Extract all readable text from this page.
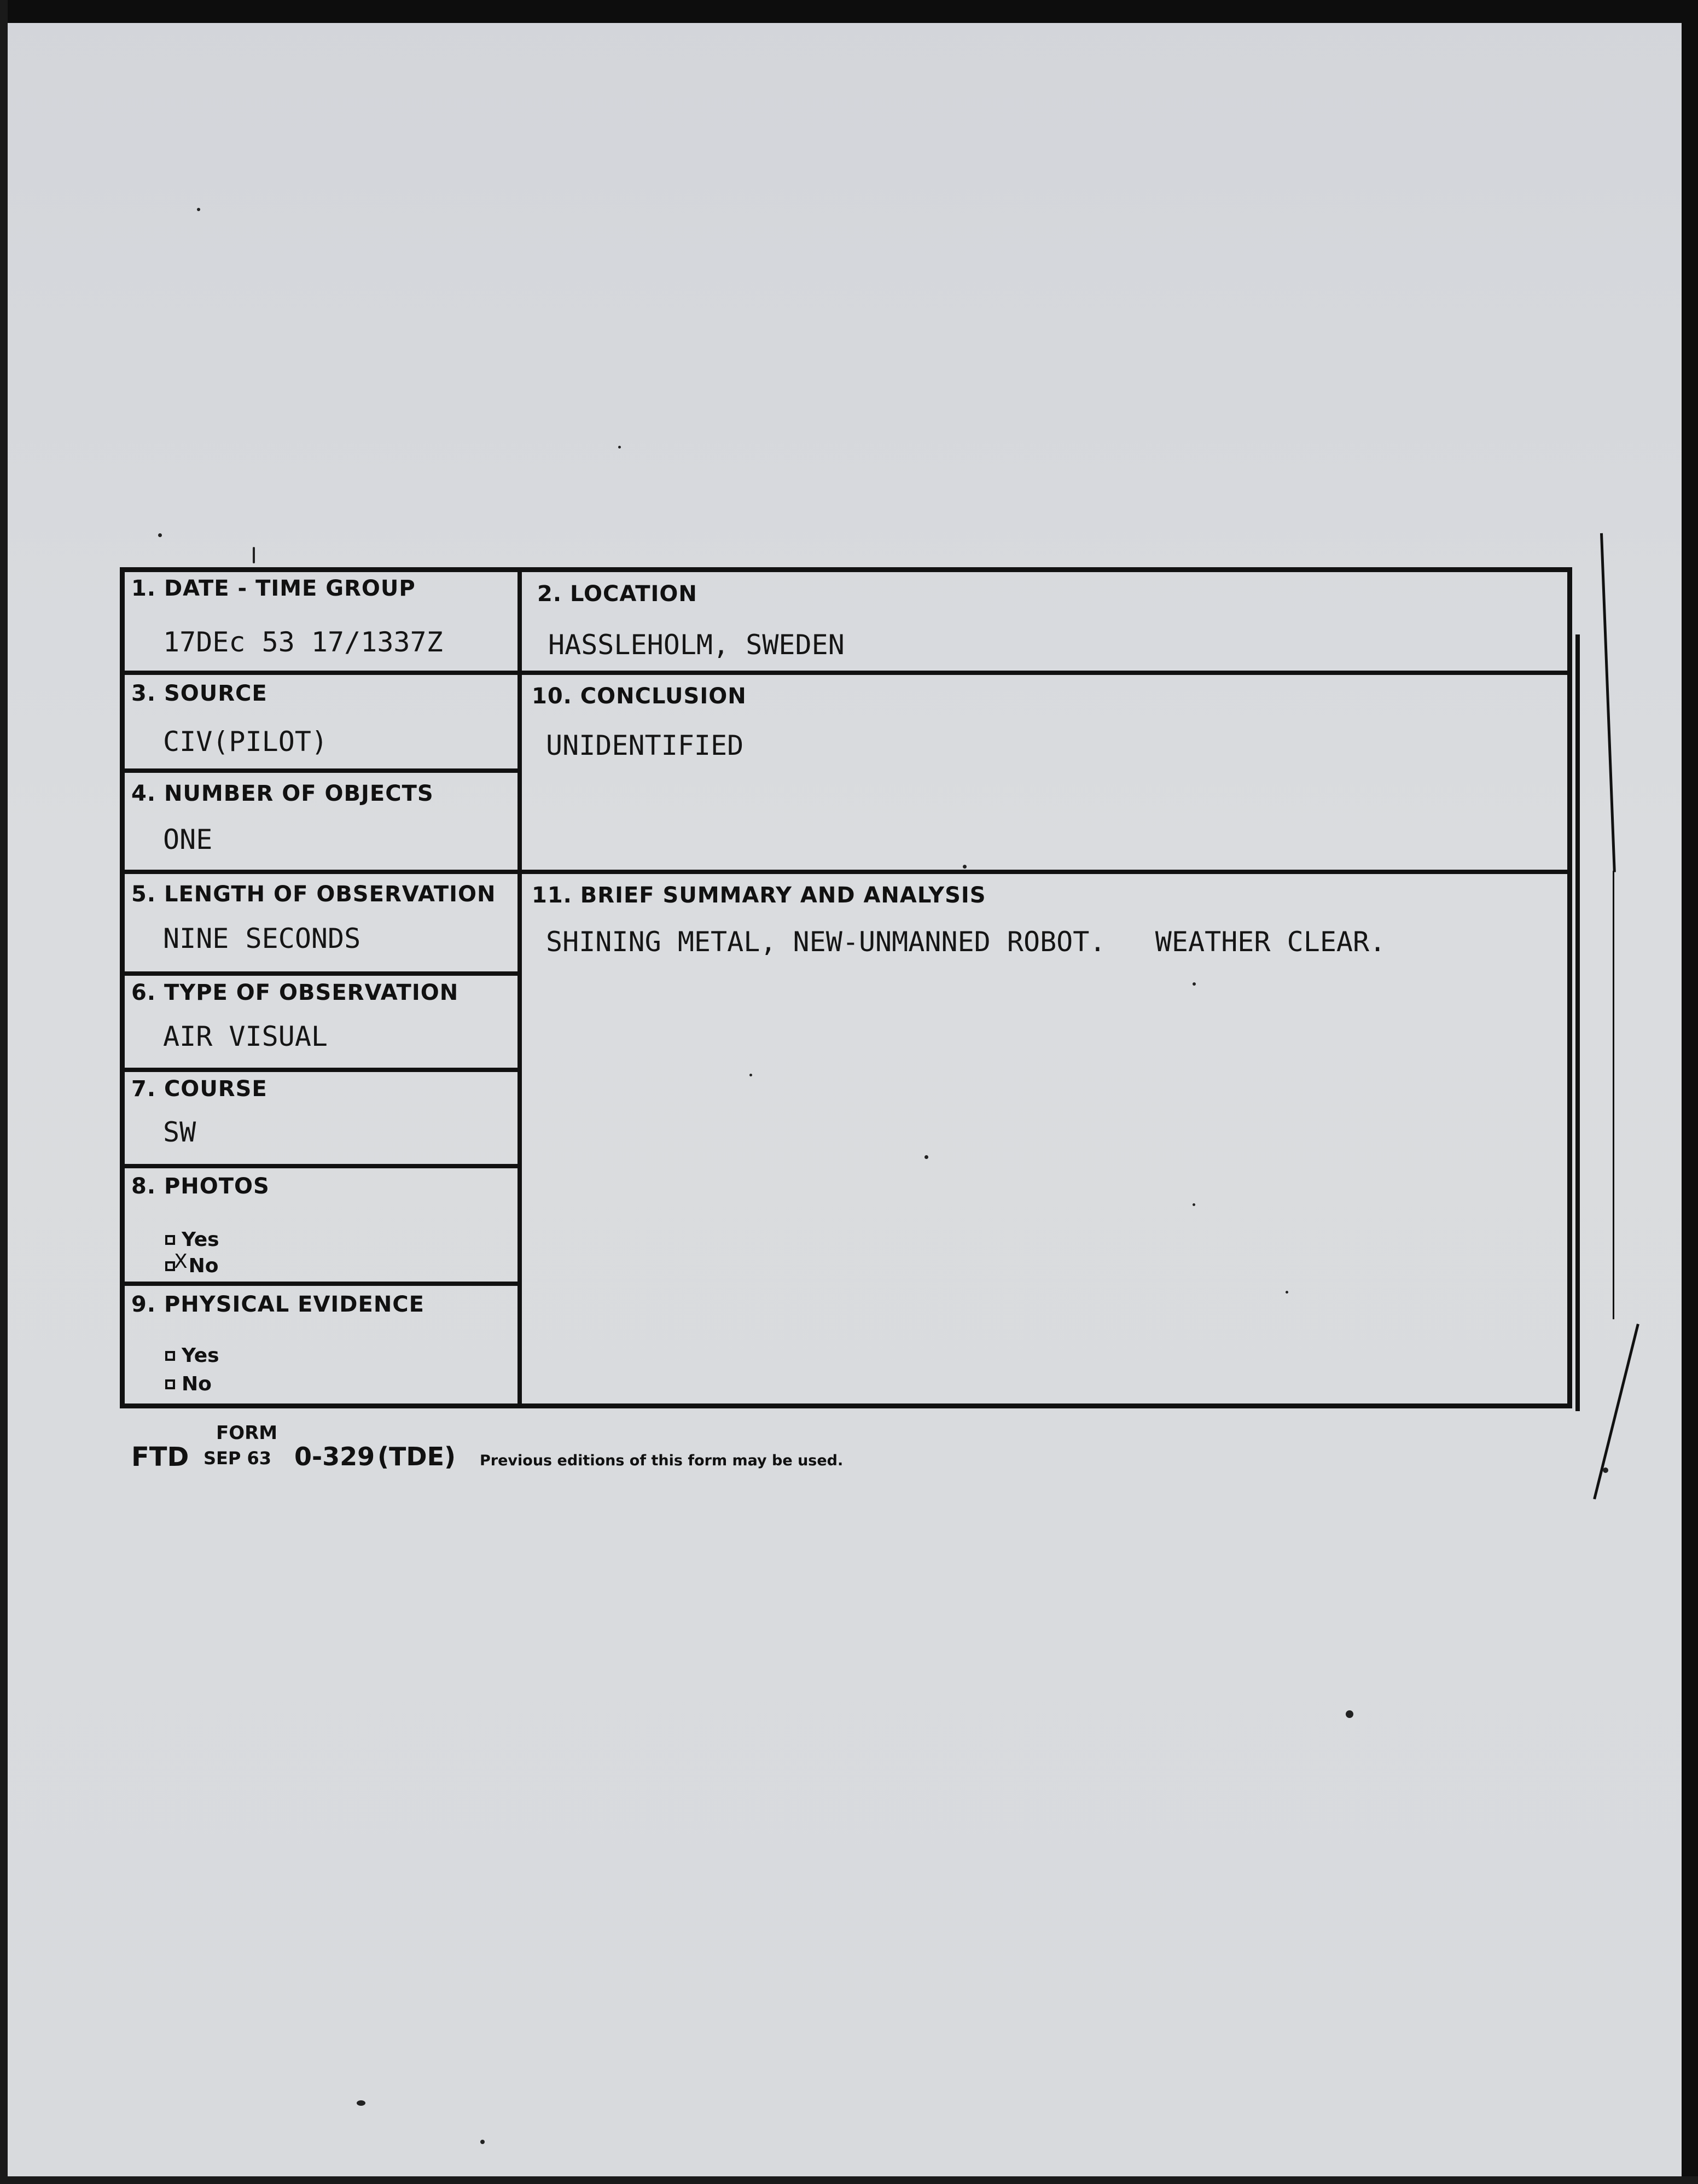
1. DATE - TIME GROUP
17DEc 53 17/1337Z
2. LOCATION
HASSLEHOLM, SWEDEN
3. SOURCE
CIV(PILOT)
4. NUMBER OF OBJECTS
ONE
5. LENGTH OF OBSERVATION
NINE SECONDS
6. TYPE OF OBSERVATION
AIR VISUAL
7. COURSE
SW
8. PHOTOS
Yes
X No
9. PHYSICAL EVIDENCE
Yes
No
10. CONCLUSION
UNIDENTIFIED
11. BRIEF SUMMARY AND ANALYSIS
SHINING METAL, NEW-UNMANNED ROBOT.   WEATHER CLEAR.
FORM
FTD SEP 63 0-329 (TDE) Previous editions of this form may be used.
